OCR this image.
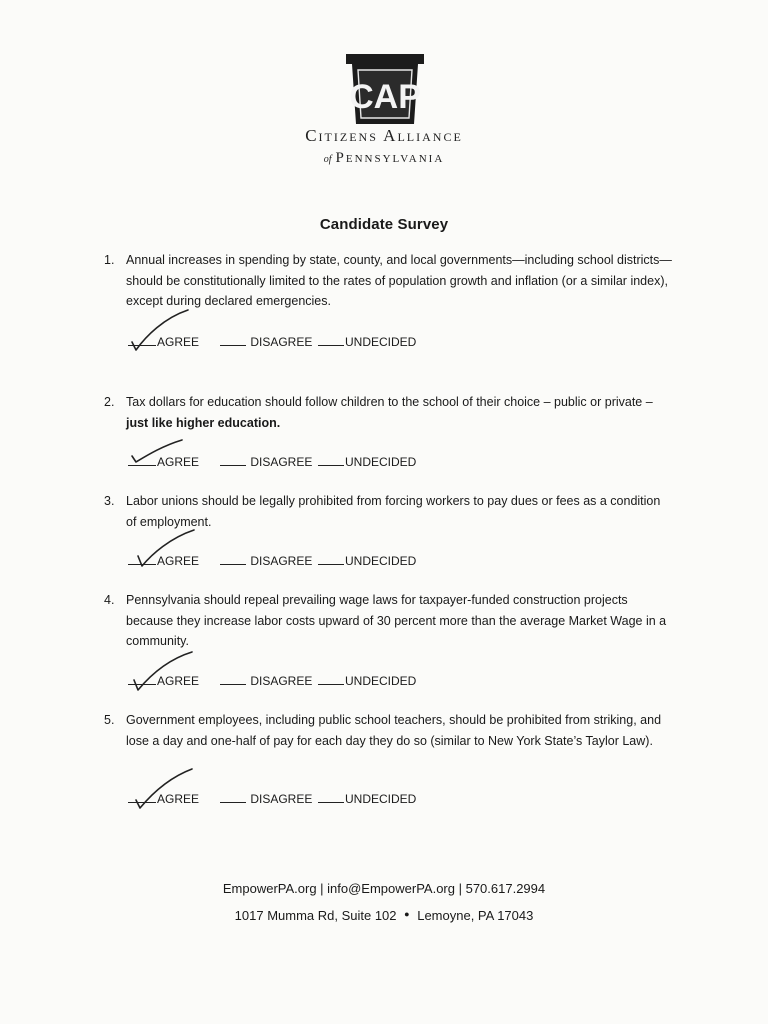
CAP
Citizens Alliance
of Pennsylvania
Candidate Survey
1. Annual increases in spending by state, county, and local governments—including school districts—should be constitutionally limited to the rates of population growth and inflation (or a similar index), except during declared emergencies.
AGREE	DISAGREE	UNDECIDED
2. Tax dollars for education should follow children to the school of their choice – public or private – just like higher education.
AGREE	DISAGREE	UNDECIDED
3. Labor unions should be legally prohibited from forcing workers to pay dues or fees as a condition of employment.
AGREE	DISAGREE	UNDECIDED
4. Pennsylvania should repeal prevailing wage laws for taxpayer-funded construction projects because they increase labor costs upward of 30 percent more than the average Market Wage in a community.
AGREE	DISAGREE	UNDECIDED
5. Government employees, including public school teachers, should be prohibited from striking, and lose a day and one-half of pay for each day they do so (similar to New York State’s Taylor Law).
AGREE	DISAGREE	UNDECIDED
EmpowerPA.org | info@EmpowerPA.org | 570.617.2994
1017 Mumma Rd, Suite 102 ● Lemoyne, PA 17043
